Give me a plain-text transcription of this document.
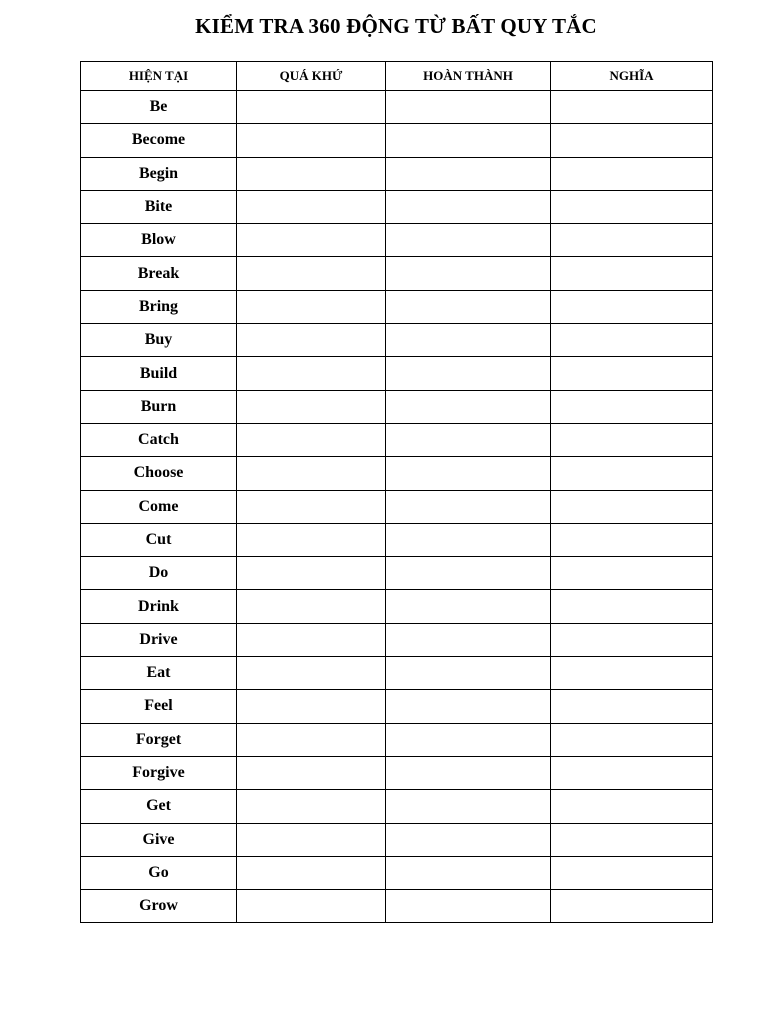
KIỂM TRA 360 ĐỘNG TỪ BẤT QUY TẮC
HIỆN TẠI	QUÁ KHỨ	HOÀN THÀNH	NGHĨA
Be			
Become			
Begin			
Bite			
Blow			
Break			
Bring			
Buy			
Build			
Burn			
Catch			
Choose			
Come			
Cut			
Do			
Drink			
Drive			
Eat			
Feel			
Forget			
Forgive			
Get			
Give			
Go			
Grow			
